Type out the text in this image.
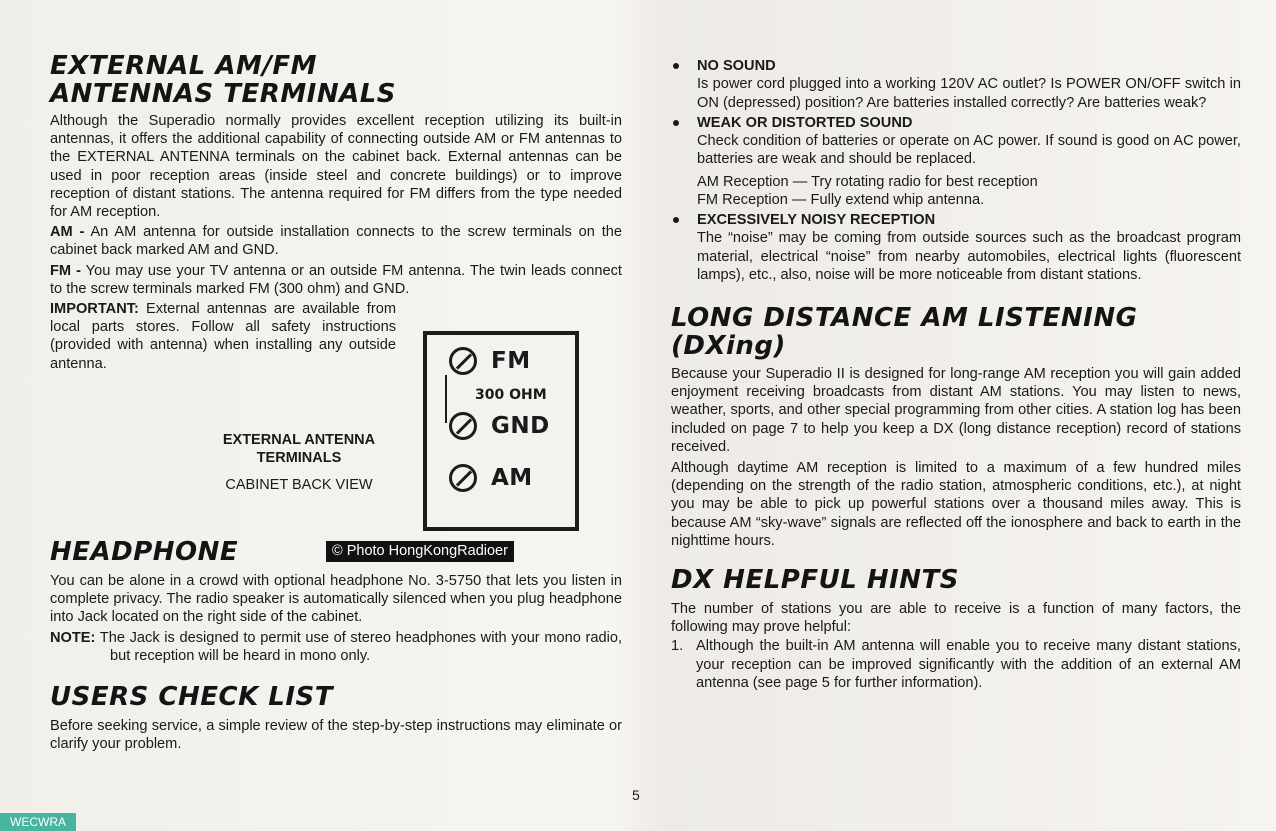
EXTERNAL AM/FM ANTENNAS TERMINALS

Although the Superadio normally provides excellent reception utilizing its built-in antennas, it offers the additional capability of connecting outside AM or FM antennas to the EXTERNAL ANTENNA terminals on the cabinet back. External antennas can be used in poor reception areas (inside steel and concrete buildings) or to improve reception of distant stations. The antenna required for FM differs from the type needed for AM reception.

AM - An AM antenna for outside installation connects to the screw terminals on the cabinet back marked AM and GND.

FM - You may use your TV antenna or an outside FM antenna. The twin leads connect to the screw terminals marked FM (300 ohm) and GND.

IMPORTANT: External antennas are available from local parts stores. Follow all safety instructions (provided with antenna) when installing any outside antenna.	FM
300 OHM
GND
AM
EXTERNAL ANTENNA
TERMINALS
CABINET BACK VIEW
© Photo HongKongRadioer
HEADPHONE

You can be alone in a crowd with optional headphone No. 3-5750 that lets you listen in complete privacy. The radio speaker is automatically silenced when you plug headphone into Jack located on the right side of the cabinet.

NOTE: The Jack is designed to permit use of stereo headphones with your mono radio, but reception will be heard in mono only.

USERS CHECK LIST

Before seeking service, a simple review of the step-by-step instructions may eliminate or clarify your problem.

NO SOUND

Is power cord plugged into a working 120V AC outlet? Is POWER ON/OFF switch in ON (depressed) position? Are batteries installed correctly? Are batteries weak?

WEAK OR DISTORTED SOUND

Check condition of batteries or operate on AC power. If sound is good on AC power, batteries are weak and should be replaced.

AM Reception — Try rotating radio for best reception

FM Reception — Fully extend whip antenna.

EXCESSIVELY NOISY RECEPTION

The “noise” may be coming from outside sources such as the broadcast program material, electrical “noise” from nearby automobiles, electrical lights (fluorescent lamps), etc., also, noise will be more noticeable from distant stations.

LONG DISTANCE AM LISTENING
(DXing)

Because your Superadio II is designed for long-range AM reception you will gain added enjoyment receiving broadcasts from distant AM stations. You may listen to news, weather, sports, and other special programming from other cities. A station log has been included on page 7 to help you keep a DX (long distance reception) record of stations received.

Although daytime AM reception is limited to a maximum of a few hundred miles (depending on the strength of the radio station, atmospheric conditions, etc.), at night you may be able to pick up powerful stations over a thousand miles away. This is because AM “sky-wave” signals are reflected off the ionosphere and back to earth in the nighttime hours.

DX HELPFUL HINTS

The number of stations you are able to receive is a function of many factors, the following may prove helpful:

1. Although the built-in AM antenna will enable you to receive many distant stations, your reception can be improved significantly with the addition of an external AM antenna (see page 5 for further information).

5
WECWRA
